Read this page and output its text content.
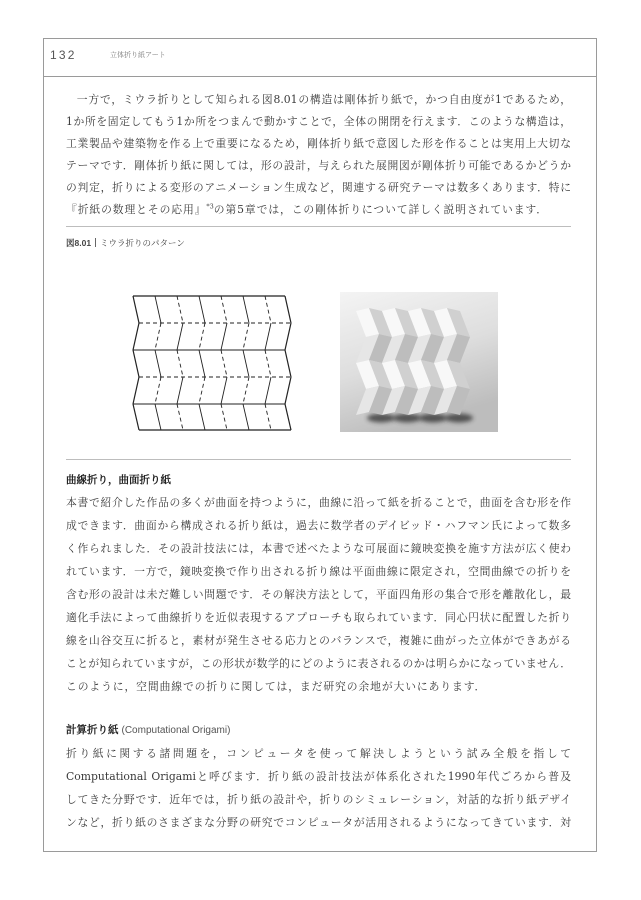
132	立体折り紙アート
一方で，ミウラ折りとして知られる図8.01の構造は剛体折り紙で，かつ自由度が1であるため，
1か所を固定してもう1か所をつまんで動かすことで，全体の開閉を行えます．このような構造は，
工業製品や建築物を作る上で重要になるため，剛体折り紙で意図した形を作ることは実用上大切な
テーマです．剛体折り紙に関しては，形の設計，与えられた展開図が剛体折り可能であるかどうか
の判定，折りによる変形のアニメーション生成など，関連する研究テーマは数多くあります．特に
『折紙の数理とその応用』$^{*3}$の第5章では，この剛体折りについて詳しく説明されています．
図8.01 ミウラ折りのパターン
曲線折り，曲面折り紙
本書で紹介した作品の多くが曲面を持つように，曲線に沿って紙を折ることで，曲面を含む形を作
成できます．曲面から構成される折り紙は，過去に数学者のデイビッド・ハフマン氏によって数多
く作られました．その設計技法には，本書で述べたような可展面に鏡映変換を施す方法が広く使わ
れています．一方で，鏡映変換で作り出される折り線は平面曲線に限定され，空間曲線での折りを
含む形の設計は未だ難しい問題です．その解決方法として，平面四角形の集合で形を離散化し，最
適化手法によって曲線折りを近似表現するアプローチも取られています．同心円状に配置した折り
線を山谷交互に折ると，素材が発生させる応力とのバランスで，複雑に曲がった立体ができあがる
ことが知られていますが，この形状が数学的にどのように表されるのかは明らかになっていません．
このように，空間曲線での折りに関しては，まだ研究の余地が大いにあります．
計算折り紙 (Computational Origami)
折り紙に関する諸問題を，コンピュータを使って解決しようという試み全般を指して
Computational Origamiと呼びます．折り紙の設計技法が体系化された1990年代ごろから普及
してきた分野です．近年では，折り紙の設計や，折りのシミュレーション，対話的な折り紙デザイ
ンなど，折り紙のさまざまな分野の研究でコンピュータが活用されるようになってきています．対
